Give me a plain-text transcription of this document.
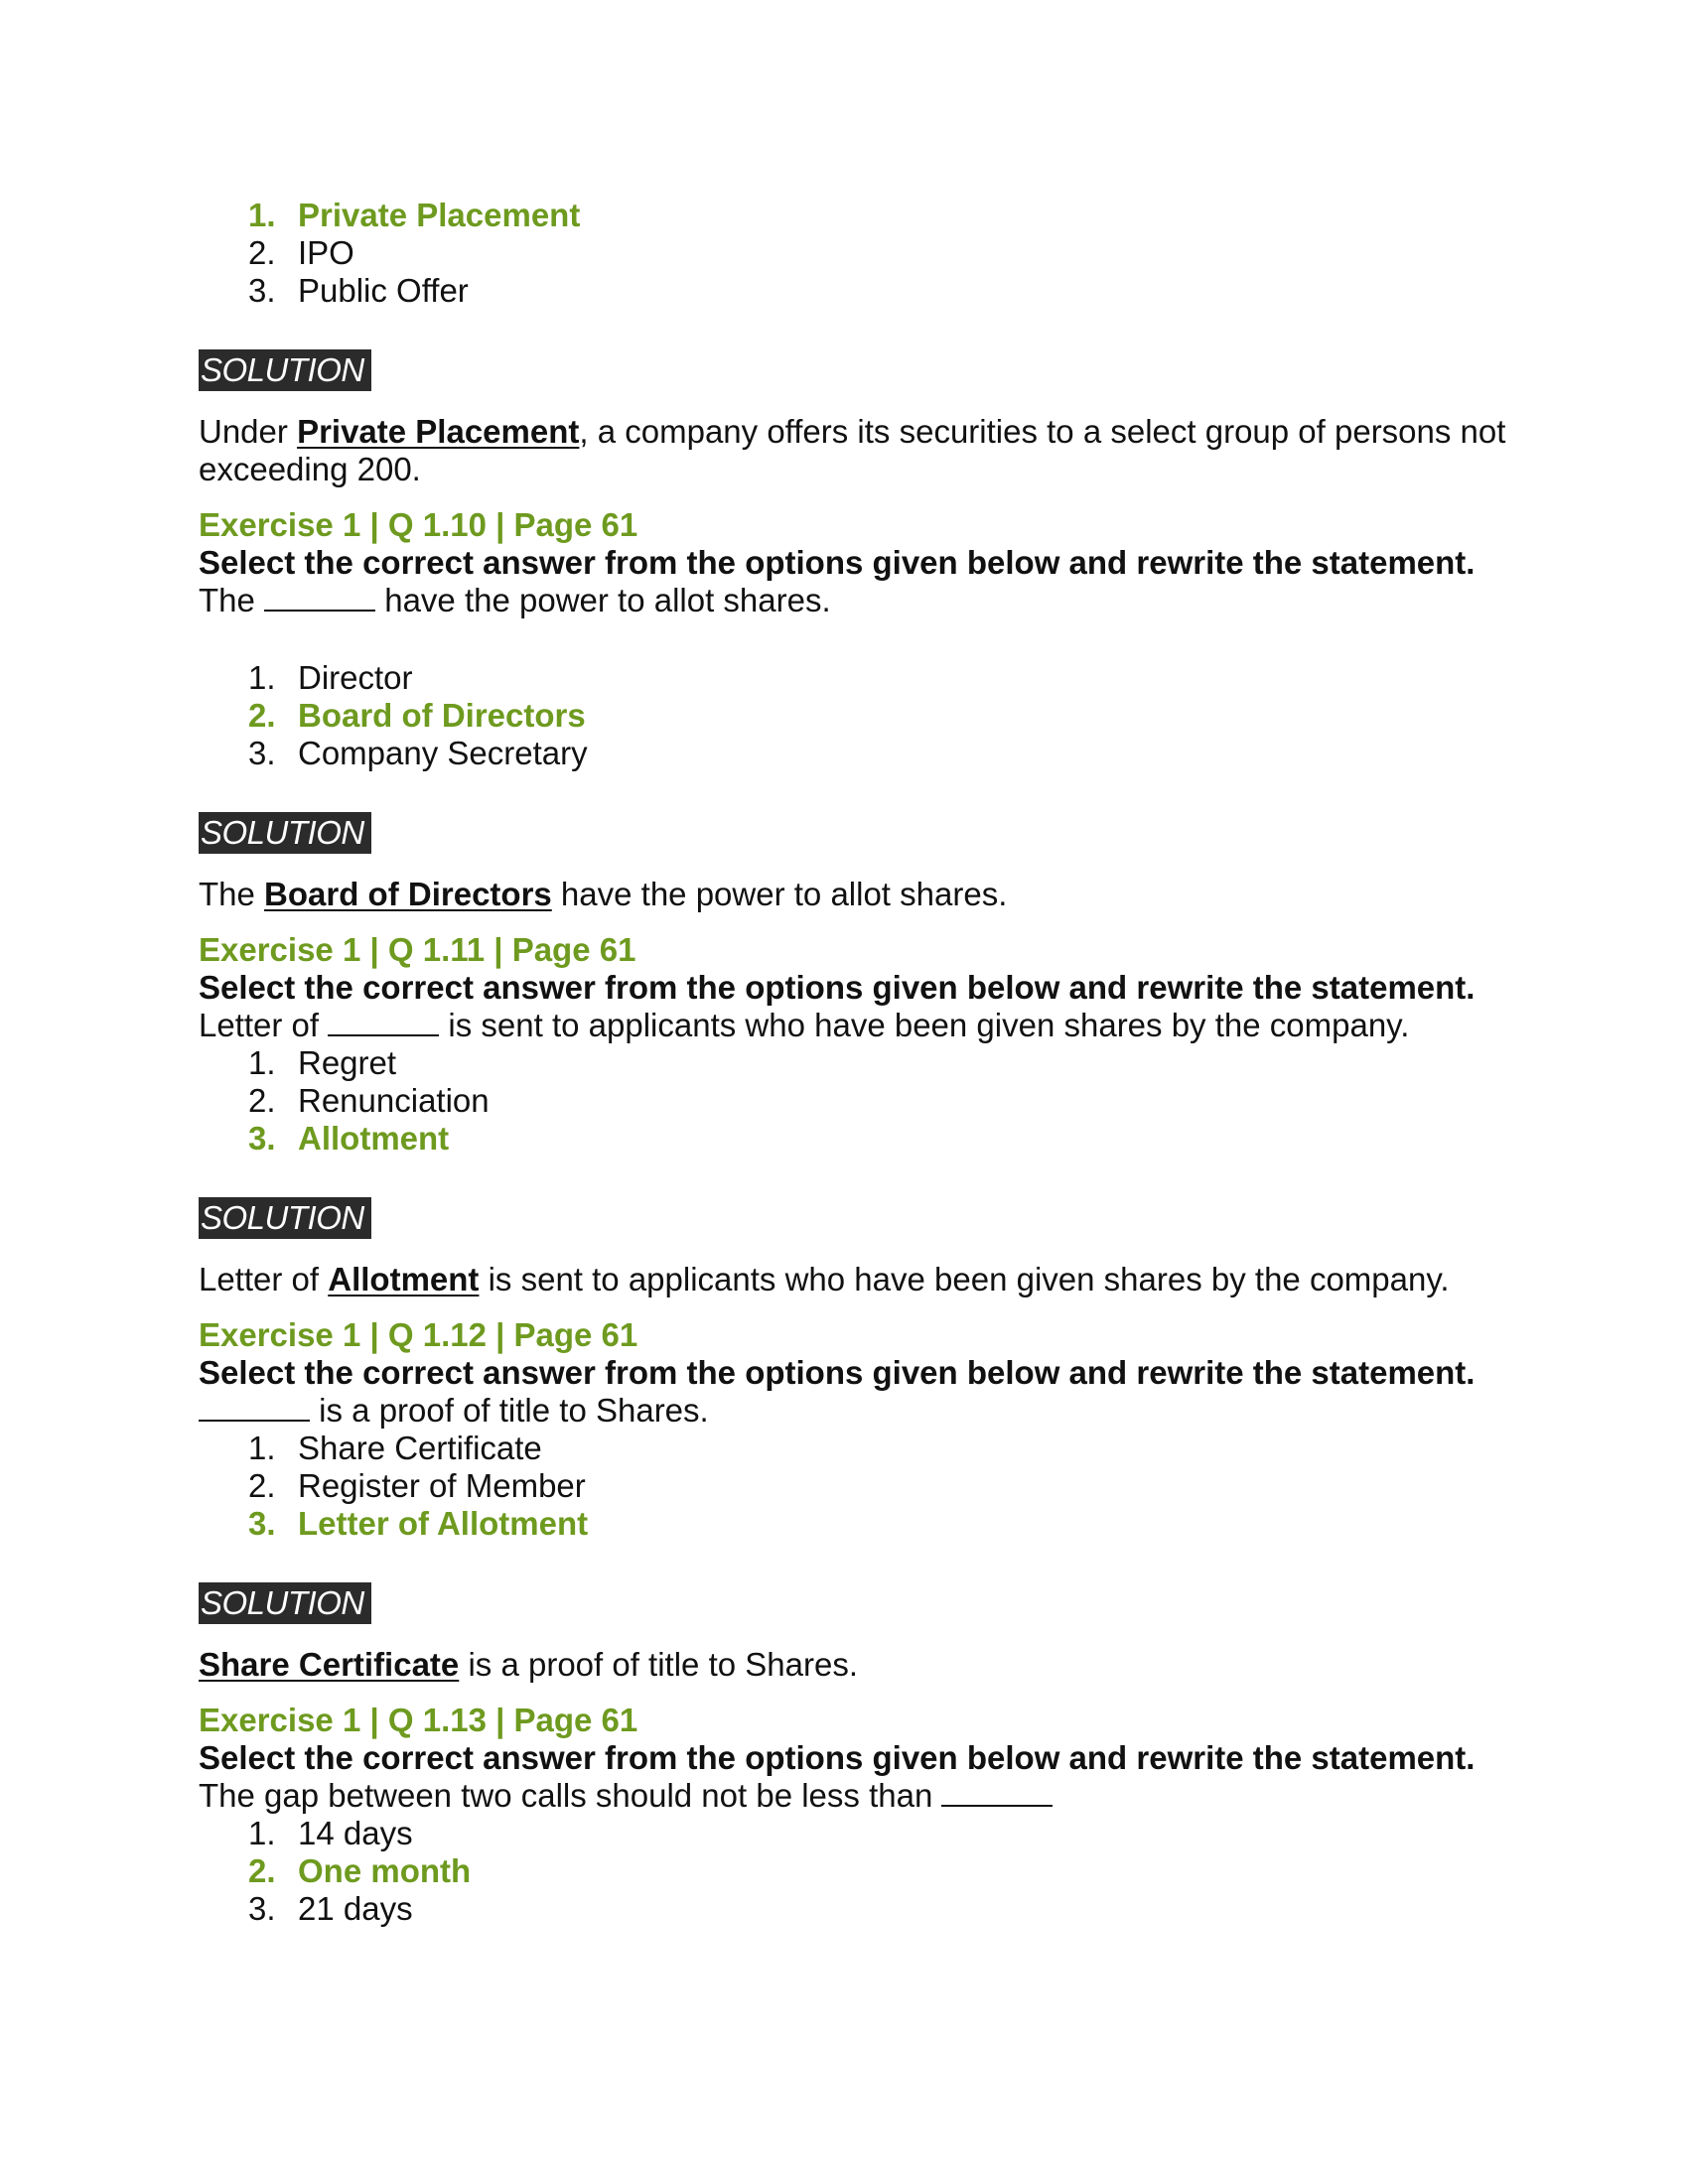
1. Private Placement
2. IPO
3. Public Offer
SOLUTION

Under Private Placement, a company offers its securities to a select group of persons not exceeding 200.

Exercise 1 | Q 1.10 | Page 61

Select the correct answer from the options given below and rewrite the statement.

The	have the power to allot shares.

1. Director
2. Board of Directors
3. Company Secretary
SOLUTION

The Board of Directors have the power to allot shares.

Exercise 1 | Q 1.11 | Page 61

Select the correct answer from the options given below and rewrite the statement.

Letter of	is sent to applicants who have been given shares by the company.

1. Regret
2. Renunciation
3. Allotment
SOLUTION

Letter of Allotment is sent to applicants who have been given shares by the company.

Exercise 1 | Q 1.12 | Page 61

Select the correct answer from the options given below and rewrite the statement.

is a proof of title to Shares.

1. Share Certificate
2. Register of Member
3. Letter of Allotment
SOLUTION

Share Certificate is a proof of title to Shares.

Exercise 1 | Q 1.13 | Page 61

Select the correct answer from the options given below and rewrite the statement.

The gap between two calls should not be less than

1. 14 days
2. One month
3. 21 days
